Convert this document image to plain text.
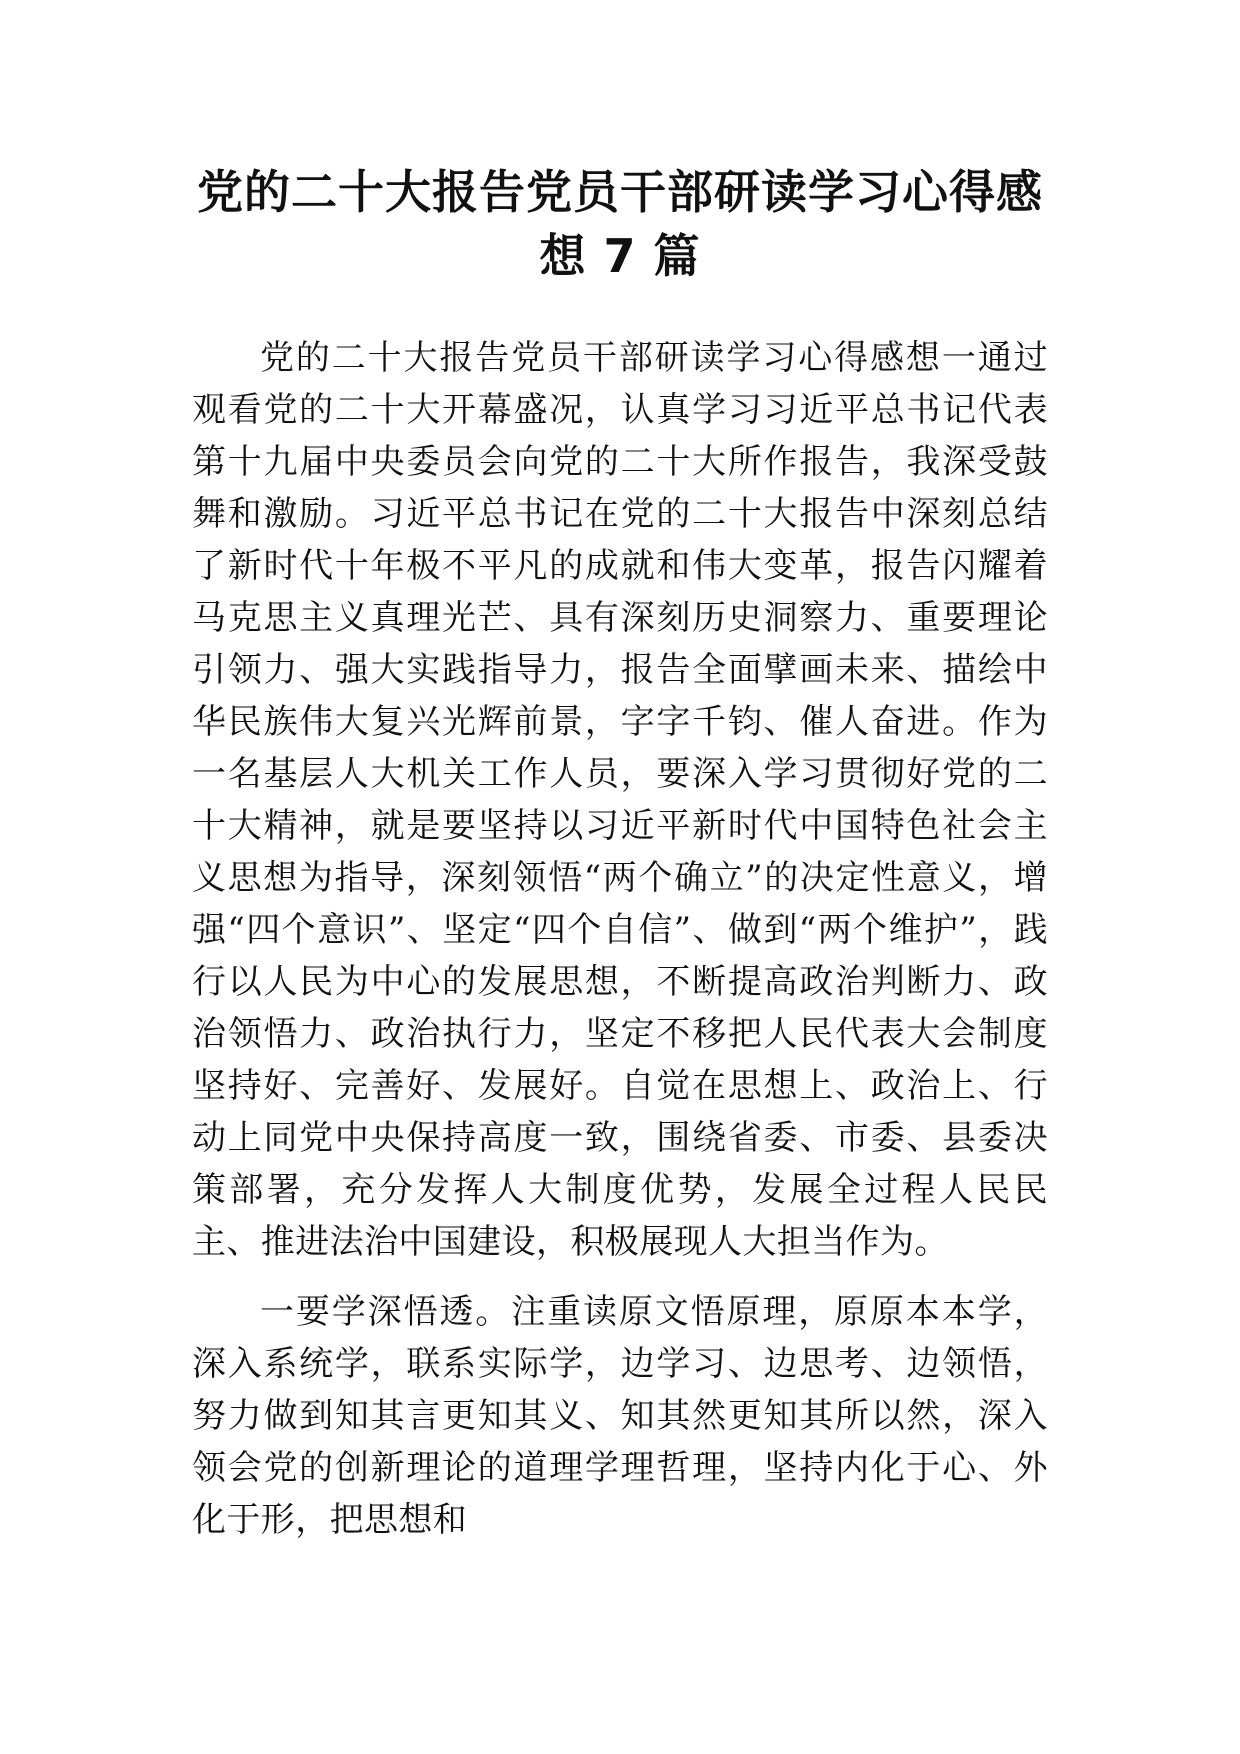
党的二十大报告党员干部研读学习心得感想 7 篇

党的二十大报告党员干部研读学习心得感想一通过观看党的二十大开幕盛况，认真学习习近平总书记代表第十九届中央委员会向党的二十大所作报告，我深受鼓舞和激励。习近平总书记在党的二十大报告中深刻总结了新时代十年极不平凡的成就和伟大变革，报告闪耀着马克思主义真理光芒、具有深刻历史洞察力、重要理论引领力、强大实践指导力，报告全面擘画未来、描绘中华民族伟大复兴光辉前景，字字千钧、催人奋进。作为一名基层人大机关工作人员，要深入学习贯彻好党的二十大精神，就是要坚持以习近平新时代中国特色社会主义思想为指导，深刻领悟“两个确立”的决定性意义，增强“四个意识”、坚定“四个自信”、做到“两个维护”，践行以人民为中心的发展思想，不断提高政治判断力、政治领悟力、政治执行力，坚定不移把人民代表大会制度坚持好、完善好、发展好。自觉在思想上、政治上、行动上同党中央保持高度一致，围绕省委、市委、县委决策部署，充分发挥人大制度优势，发展全过程人民民主、推进法治中国建设，积极展现人大担当作为。

一要学深悟透。注重读原文悟原理，原原本本学，深入系统学，联系实际学，边学习、边思考、边领悟，努力做到知其言更知其义、知其然更知其所以然，深入领会党的创新理论的道理学理哲理，坚持内化于心、外化于形，把思想和
